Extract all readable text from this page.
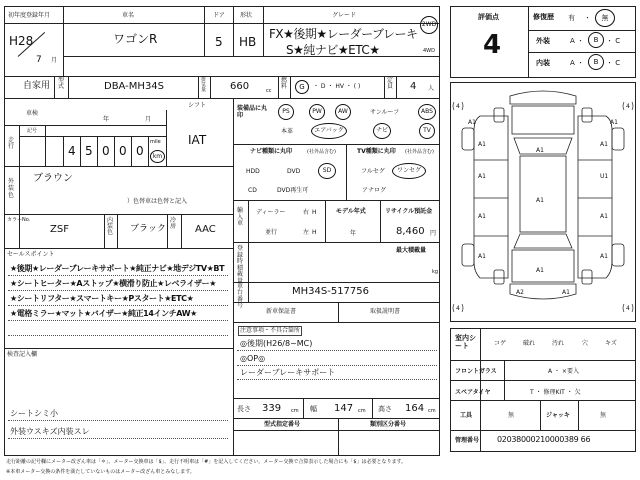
初年度登録年月	車名	ドア	形状	グレード
H28
7 月
ワゴンR	5 HB
FX★後期★レーダーブレーキ
S★純ナビ★ETC★
2WD
4WD
自家用
型式	DBA-MH34S
排気量 660	cc
燃料	G	・ D ・ HV ・ ( )
定員 4 人
車検
年	月
シフト
IAT
走行
記号
4 5 0 0 0	km
mile
外装色
ブラウン
）色替車は色替と記入
カラーNo.
ZSF
内装色 ブラック
冷房 AAC
セールスポイント
★後期★レーダーブレーキサポート★純正ナビ★地デジTV★BT
★シートヒーター★Aストップ★横滑り防止★レベライザー★
★シートリフター★スマートキー★Pスタート★ETC★
★電格ミラー★マット★バイザー★純正14インチAW★
検査記入欄
シートシミ小
外装ウスキズ内装スレ
装備品に丸印
PS	PW	AW	サンルーフ	ABS
本革	エアバック	ナビ	TV
ナビ種類に丸印	(社外品含む)	TV種類に丸印 (社外品含む)
HDD	DVD	SD
CD	DVD再生可
フルセグ	ワンセグ
アナログ
輸入車
ディーラー
並行
右
左
H
H
モデル年式
年
リサイクル預託金
8,460 円
登録時積載量
最大積載量
kg
車台番号
MH34S-517756
新車保証書	取扱説明書
注意事項・不具合箇所
◎後期(H26/8~MC)
◎OP◎
レーダーブレーキサポート
長さ 339 cm 幅 147 cm 高さ 164 cm
型式指定番号	類別区分番号
評価点
4
修復歴 有 ・	無
外装	A ・	B	・ C
内装	A ・	B	・ C
A1	A1
A1	A1
A1	U1
A1	A1
A1	A1
A1
A1
A1
A2	A1
4	4
4	4
室内シート	コゲ	破れ	汚れ	穴	キズ
フロントガラス	A ・ ×要入
スペアタイヤ	T ・ 修理KIT ・ 欠
工具	無	ジャッキ	無
管理番号 02038000210000389 66
走行距離の記号欄にメーター改ざん車は「＊」、メーター交換車は「$」、走行不明車は「#」を記入してください。メーター交換で合算表示した場合にも「$」は必要となります。
※本車メーター交換の条件を満たしていないものはメーター改ざん車とみなします。
